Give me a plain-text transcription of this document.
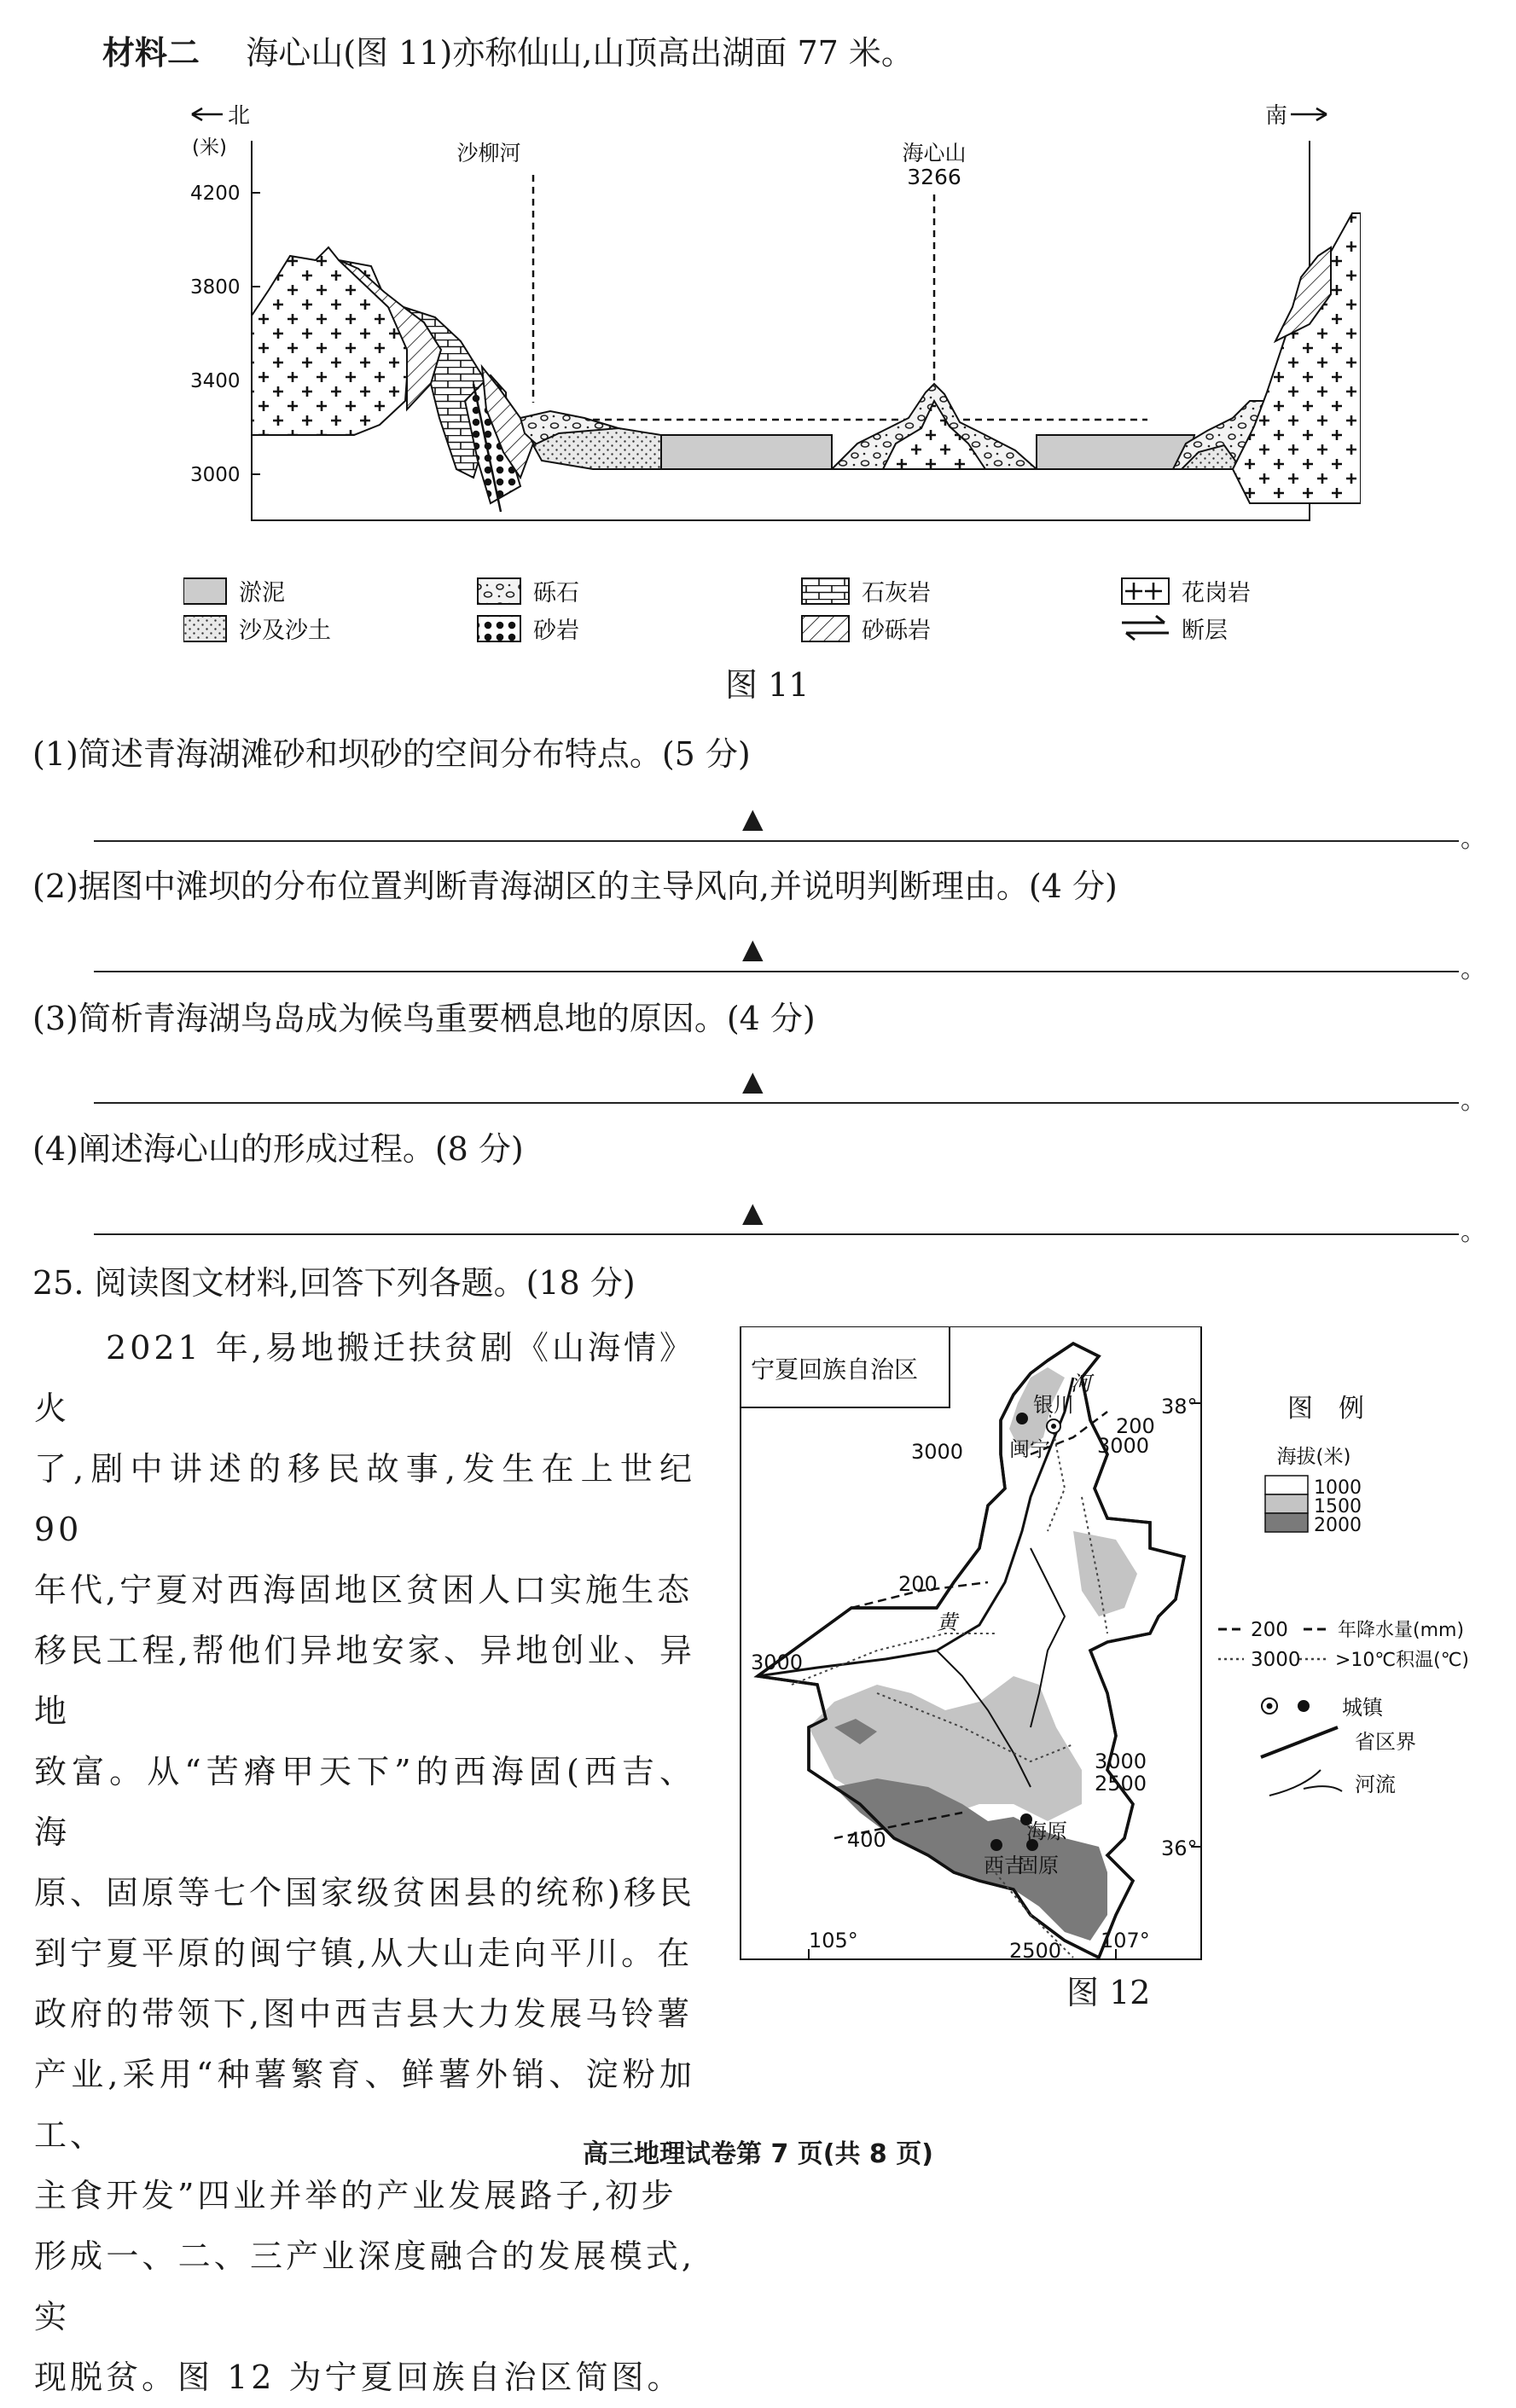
材料二 海心山(图 11)亦称仙山,山顶高出湖面 77 米。
北	南
(米)
4200
3800
3400
3000
沙柳河	海心山
3266
淤泥	砾石	石灰岩	花岗岩
沙及沙土	砂岩	砂砾岩	断层
图 11
(1)简述青海湖滩砂和坝砂的空间分布特点。(5 分)
▲
。
(2)据图中滩坝的分布位置判断青海湖区的主导风向,并说明判断理由。(4 分)
▲
。
(3)简析青海湖鸟岛成为候鸟重要栖息地的原因。(4 分)
▲
。
(4)阐述海心山的形成过程。(8 分)
▲
。
25. 阅读图文材料,回答下列各题。(18 分)
　　2021 年,易地搬迁扶贫剧《山海情》火
了,剧中讲述的移民故事,发生在上世纪 90
年代,宁夏对西海固地区贫困人口实施生态
移民工程,帮他们异地安家、异地创业、异地
致富。从“苦瘠甲天下”的西海固(西吉、海
原、固原等七个国家级贫困县的统称)移民
到宁夏平原的闽宁镇,从大山走向平川。在
政府的带领下,图中西吉县大力发展马铃薯
产业,采用“种薯繁育、鲜薯外销、淀粉加工、
主食开发”四业并举的产业发展路子,初步
形成一、二、三产业深度融合的发展模式,实
现脱贫。图 12 为宁夏回族自治区简图。
宁夏回族自治区
银川
闽宁
海原
西吉
固原
河
黄
200
3000	3000
200
3000
3000
2500
400
2500
38°
36°
105°	107°
图　例
海拔(米)
1000
1500
2000
200	年降水量(mm)
3000 >10℃积温(℃)
城镇
省区界
河流
图 12
高三地理试卷第 7 页(共 8 页)
